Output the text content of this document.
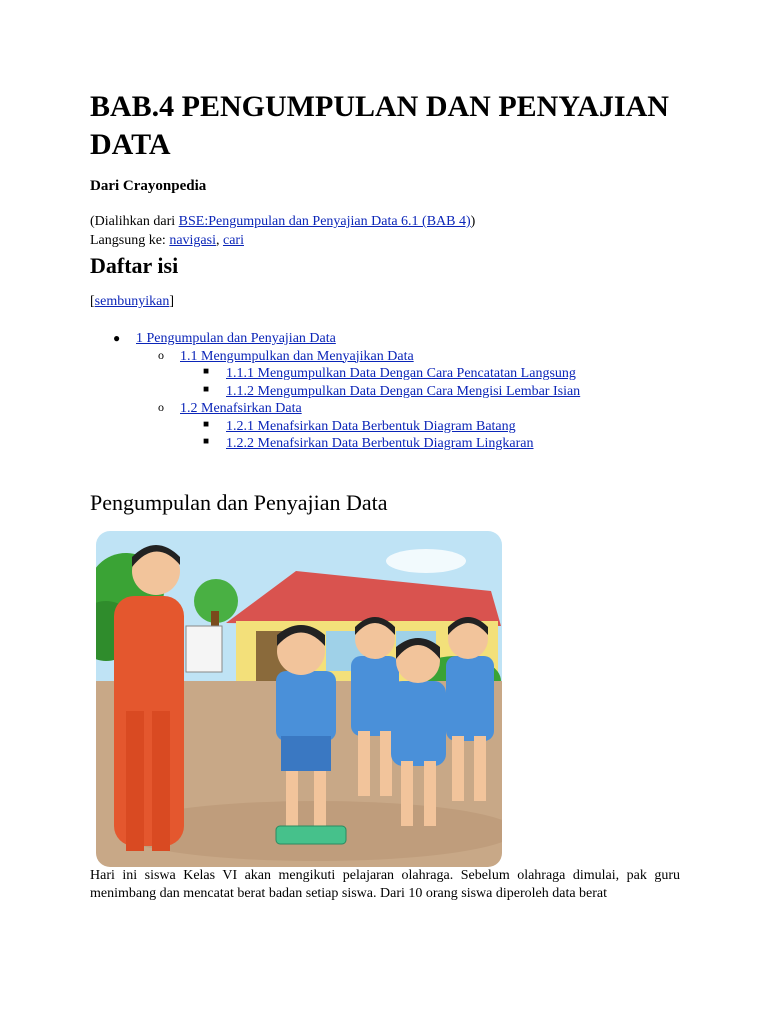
BAB.4 PENGUMPULAN DAN PENYAJIAN DATA

Dari Crayonpedia

(Dialihkan dari BSE:Pengumpulan dan Penyajian Data 6.1 (BAB 4))
Langsung ke: navigasi, cari
Daftar isi
[sembunyikan]
● 1 Pengumpulan dan Penyajian Data
o 1.1 Mengumpulkan dan Menyajikan Data
■ 1.1.1 Mengumpulkan Data Dengan Cara Pencatatan Langsung
■ 1.1.2 Mengumpulkan Data Dengan Cara Mengisi Lembar Isian
o 1.2 Menafsirkan Data
■ 1.2.1 Menafsirkan Data Berbentuk Diagram Batang
■ 1.2.2 Menafsirkan Data Berbentuk Diagram Lingkaran
Pengumpulan dan Penyajian Data

Hari ini siswa Kelas VI akan mengikuti pelajaran olahraga. Sebelum olahraga dimulai, pak guru menimbang dan mencatat berat badan setiap siswa. Dari 10 orang siswa diperoleh data berat
